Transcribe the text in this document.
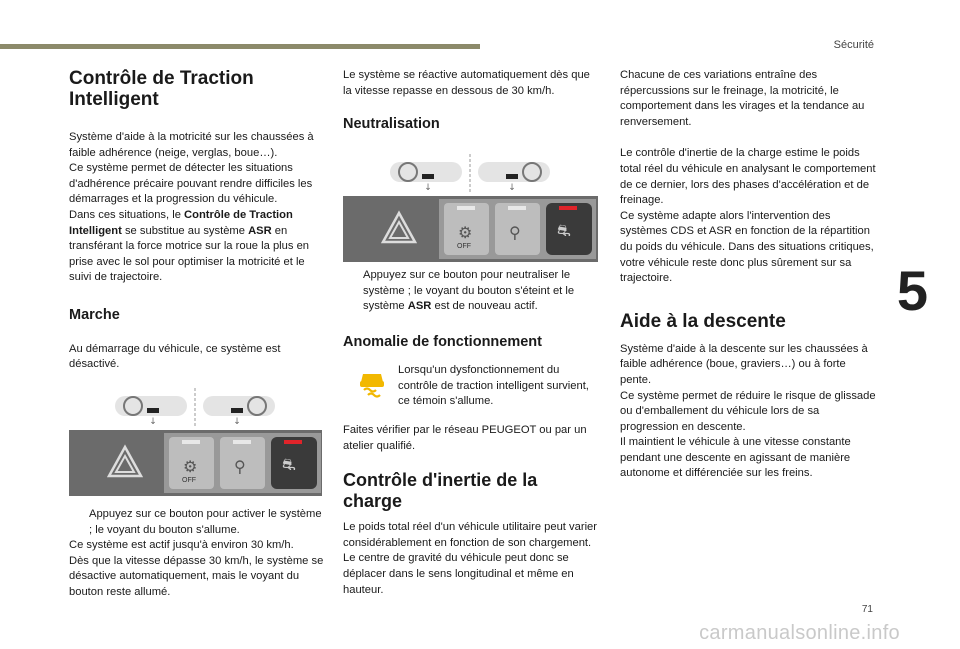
Sécurité
5
71
Contrôle de Traction Intelligent

Système d'aide à la motricité sur les chaussées à faible adhérence (neige, verglas, boue…).

Ce système permet de détecter les situations d'adhérence précaire pouvant rendre difficiles les démarrages et la progression du véhicule.

Dans ces situations, le Contrôle de Traction Intelligent se substitue au système ASR en transférant la force motrice sur la roue la plus en prise avec le sol pour optimiser la motricité et le suivi de trajectoire.

Marche

Au démarrage du véhicule, ce système est désactivé.

↓	↓
⚙
OFF
⚲ ⛐

Appuyez sur ce bouton pour activer le système ; le voyant du bouton s'allume.

Ce système est actif jusqu'à environ 30 km/h.

Dès que la vitesse dépasse 30 km/h, le système se désactive automatiquement, mais le voyant du bouton reste allumé.

Le système se réactive automatiquement dès que la vitesse repasse en dessous de 30 km/h.

Neutralisation
↓	↓
⚙
OFF
⚲ ⛐

Appuyez sur ce bouton pour neutraliser le système ; le voyant du bouton s'éteint et le système ASR est de nouveau actif.

Anomalie de fonctionnement

Lorsqu'un dysfonctionnement du contrôle de traction intelligent survient, ce témoin s'allume.

Faites vérifier par le réseau PEUGEOT ou par un atelier qualifié.

Contrôle d'inertie de la charge

Le poids total réel d'un véhicule utilitaire peut varier considérablement en fonction de son chargement. Le centre de gravité du véhicule peut donc se déplacer dans le sens longitudinal et même en hauteur.

Chacune de ces variations entraîne des répercussions sur le freinage, la motricité, le comportement dans les virages et la tendance au renversement.

Le contrôle d'inertie de la charge estime le poids total réel du véhicule en analysant le comportement de ce dernier, lors des phases d'accélération et de freinage.

Ce système adapte alors l'intervention des systèmes CDS et ASR en fonction de la répartition du poids du véhicule. Dans des situations critiques, votre véhicule reste donc plus sûrement sur sa trajectoire.

Aide à la descente

Système d'aide à la descente sur les chaussées à faible adhérence (boue, graviers…) ou à forte pente.

Ce système permet de réduire le risque de glissade ou d'emballement du véhicule lors de sa progression en descente.

Il maintient le véhicule à une vitesse constante pendant une descente en agissant de manière autonome et différenciée sur les freins.

carmanualsonline.info
